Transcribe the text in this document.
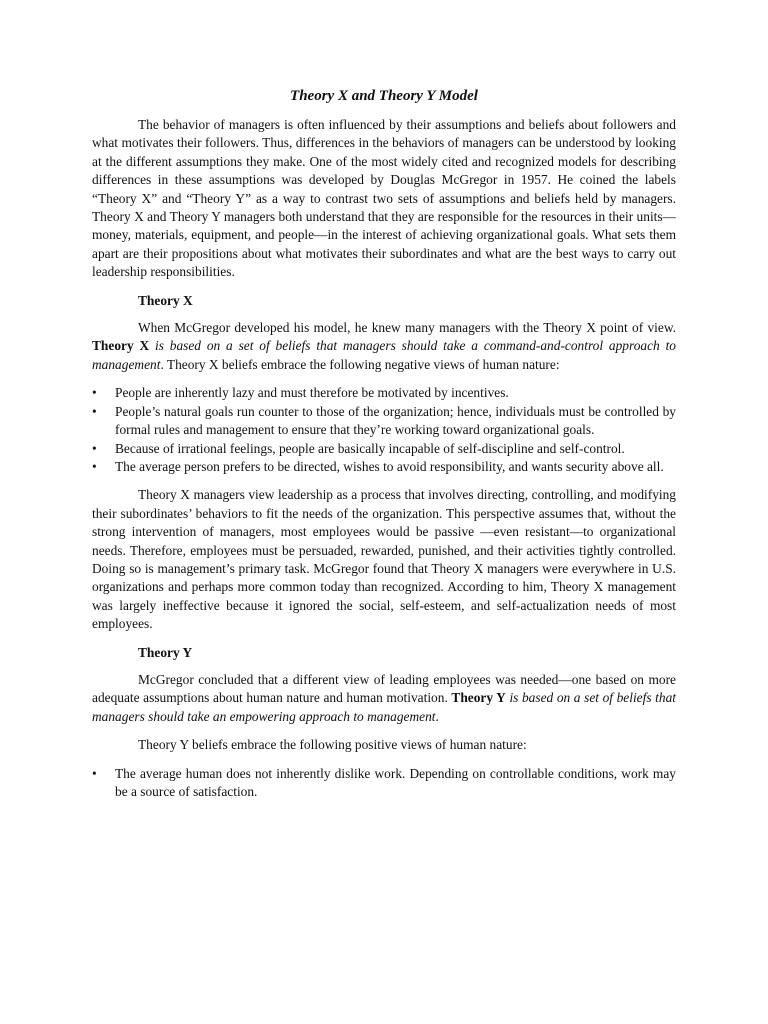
Theory X and Theory Y Model

The behavior of managers is often influenced by their assumptions and beliefs about followers and what motivates their followers. Thus, differences in the behaviors of managers can be understood by looking at the different assumptions they make. One of the most widely cited and recognized models for describing differences in these assumptions was developed by Douglas McGregor in 1957. He coined the labels “Theory X” and “Theory Y” as a way to contrast two sets of assumptions and beliefs held by managers. Theory X and Theory Y managers both understand that they are responsible for the resources in their units—money, materials, equipment, and people—in the interest of achieving organizational goals. What sets them apart are their propositions about what motivates their subordinates and what are the best ways to carry out leadership responsibilities.

Theory X

When McGregor developed his model, he knew many managers with the Theory X point of view. Theory X is based on a set of beliefs that managers should take a command-and-control approach to management. Theory X beliefs embrace the following negative views of human nature:

•	People are inherently lazy and must therefore be motivated by incentives.
•	People’s natural goals run counter to those of the organization; hence, individuals must be controlled by formal rules and management to ensure that they’re working toward organizational goals.
•	Because of irrational feelings, people are basically incapable of self-discipline and self-control.
•	The average person prefers to be directed, wishes to avoid responsibility, and wants security above all.

Theory X managers view leadership as a process that involves directing, controlling, and modifying their subordinates’ behaviors to fit the needs of the organization. This perspective assumes that, without the strong intervention of managers, most employees would be passive —even resistant—to organizational needs. Therefore, employees must be persuaded, rewarded, punished, and their activities tightly controlled. Doing so is management’s primary task. McGregor found that Theory X managers were everywhere in U.S. organizations and perhaps more common today than recognized. According to him, Theory X management was largely ineffective because it ignored the social, self-esteem, and self-actualization needs of most employees.

Theory Y

McGregor concluded that a different view of leading employees was needed—one based on more adequate assumptions about human nature and human motivation. Theory Y is based on a set of beliefs that managers should take an empowering approach to management.

Theory Y beliefs embrace the following positive views of human nature:

•	The average human does not inherently dislike work. Depending on controllable conditions, work may be a source of satisfaction.
